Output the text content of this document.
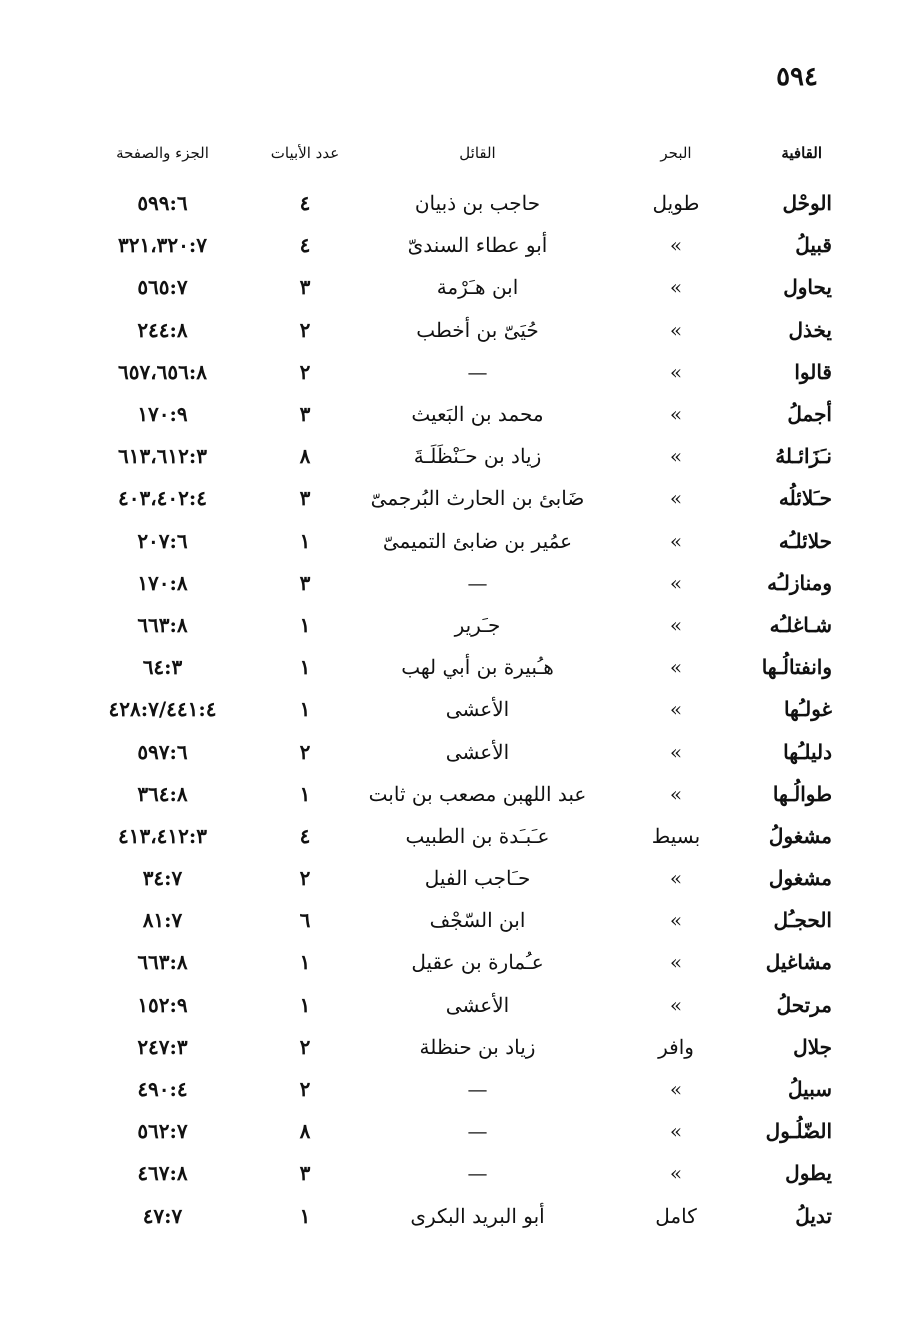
٥٩٤
القافية
البحر
القائل
عدد الأبيات
الجزء والصفحة
الوحْل
طويل
حاجب بن ذبيان
٤
٥٩٩:٦
قبيلُ
»
أبو عطاء السندىّ
٤
٣٢١،٣٢٠:٧
يحاول
»
ابن هـَرْمة
٣
٥٦٥:٧
يخذل
»
حُيَىّ بن أخطب
٢
٢٤٤:٨
قالوا
»
—
٢
٦٥٧،٦٥٦:٨
أجملُ
»
محمد بن البَعيث
٣
١٧٠:٩
نـَزَائـلهُ
»
زياد بن حـَنْظَلَـةَ
٨
٦١٣،٦١٢:٣
حـَلائلُه
»
ضَابئ بن الحارث البُرجمىّ
٣
٤٠٣،٤٠٢:٤
حلائلـُه
»
عمُير بن ضابئ التميمىّ
١
٢٠٧:٦
ومنازلـُه
»
—
٣
١٧٠:٨
شـاغلـُه
»
جـَرير
١
٦٦٣:٨
وانفتالُـها
»
هـُبيرة بن أبي لهب
١
٦٤:٣
غولـُها
»
الأعشى
١
٤٢٨:٧/٤٤١:٤
دليلـُها
»
الأعشى
٢
٥٩٧:٦
طوالُـها
»
عبد اللهبن مصعب بن ثابت
١
٣٦٤:٨
مشغولُ
بسيط
عـَبـَدة بن الطبيب
٤
٤١٣،٤١٢:٣
مشغول
»
حـَاجب الفيل
٢
٣٤:٧
الحجـُل
»
ابن السّجْف
٦
٨١:٧
مشاغيل
»
عـُمارة بن عقيل
١
٦٦٣:٨
مرتحلُ
»
الأعشى
١
١٥٢:٩
جلال
وافر
زياد بن حنظلة
٢
٢٤٧:٣
سبيلُ
»
—
٢
٤٩٠:٤
الضّلُـول
»
—
٨
٥٦٢:٧
يطول
»
—
٣
٤٦٧:٨
تديلُ
كامل
أبو البريد البكرى
١
٤٧:٧
